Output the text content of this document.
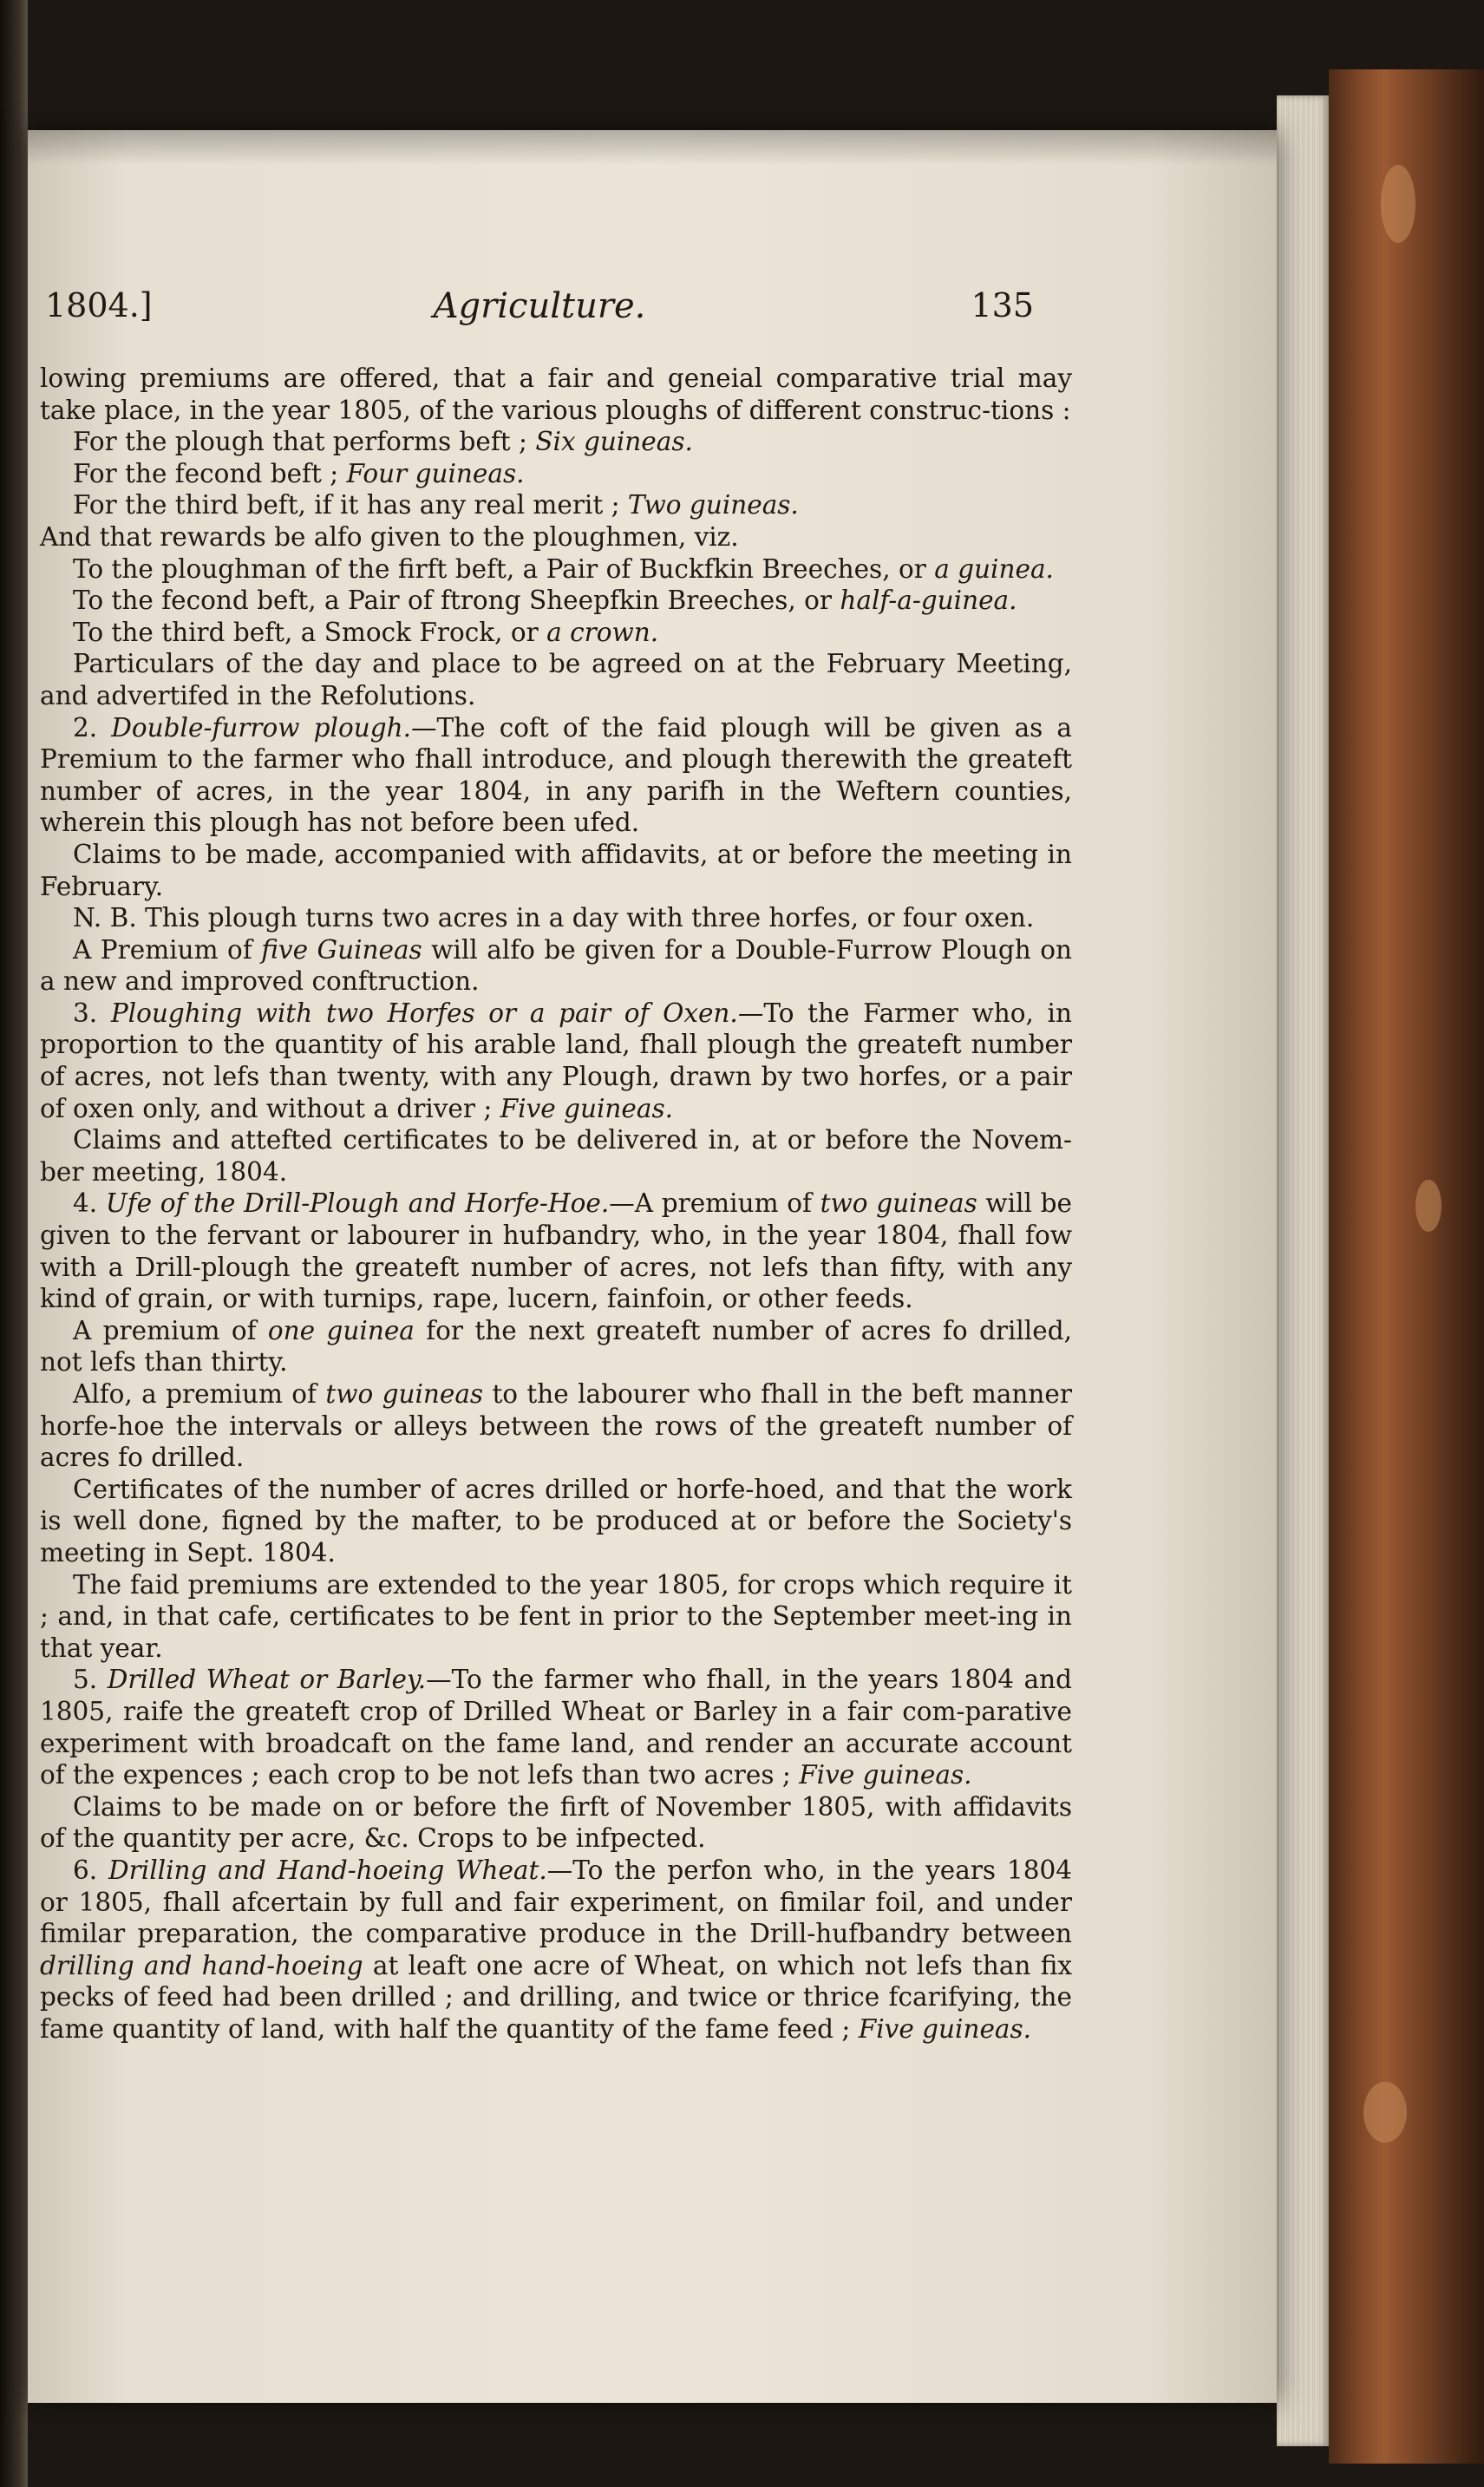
1804.]	Agriculture.	135

lowing premiums are offered, that a fair and geneial comparative trial may take place, in the year 1805, of the various ploughs of different construc-tions :

For the plough that performs beft ; Six guineas.

For the fecond beft ; Four guineas.

For the third beft, if it has any real merit ; Two guineas.

And that rewards be alfo given to the ploughmen, viz.

To the ploughman of the firft beft, a Pair of Buckfkin Breeches, or a guinea.

To the fecond beft, a Pair of ftrong Sheepfkin Breeches, or half-a-guinea.

To the third beft, a Smock Frock, or a crown.

Particulars of the day and place to be agreed on at the February Meeting, and advertifed in the Refolutions.

2. Double-furrow plough.—The coft of the faid plough will be given as a Premium to the farmer who fhall introduce, and plough therewith the greateft number of acres, in the year 1804, in any parifh in the Weftern counties, wherein this plough has not before been ufed.

Claims to be made, accompanied with affidavits, at or before the meeting in February.

N. B. This plough turns two acres in a day with three horfes, or four oxen.

A Premium of five Guineas will alfo be given for a Double-Furrow Plough on a new and improved conftruction.

3. Ploughing with two Horfes or a pair of Oxen.—To the Farmer who, in proportion to the quantity of his arable land, fhall plough the greateft number of acres, not lefs than twenty, with any Plough, drawn by two horfes, or a pair of oxen only, and without a driver ; Five guineas.

Claims and attefted certificates to be delivered in, at or before the Novem-ber meeting, 1804.

4. Ufe of the Drill-Plough and Horfe-Hoe.—A premium of two guineas will be given to the fervant or labourer in hufbandry, who, in the year 1804, fhall fow with a Drill-plough the greateft number of acres, not lefs than fifty, with any kind of grain, or with turnips, rape, lucern, fainfoin, or other feeds.

A premium of one guinea for the next greateft number of acres fo drilled, not lefs than thirty.

Alfo, a premium of two guineas to the labourer who fhall in the beft manner horfe-hoe the intervals or alleys between the rows of the greateft number of acres fo drilled.

Certificates of the number of acres drilled or horfe-hoed, and that the work is well done, figned by the mafter, to be produced at or before the Society's meeting in Sept. 1804.

The faid premiums are extended to the year 1805, for crops which require it ; and, in that cafe, certificates to be fent in prior to the September meet-ing in that year.

5. Drilled Wheat or Barley.—To the farmer who fhall, in the years 1804 and 1805, raife the greateft crop of Drilled Wheat or Barley in a fair com-parative experiment with broadcaft on the fame land, and render an accurate account of the expences ; each crop to be not lefs than two acres ; Five guineas.

Claims to be made on or before the firft of November 1805, with affidavits of the quantity per acre, &c. Crops to be infpected.

6. Drilling and Hand-hoeing Wheat.—To the perfon who, in the years 1804 or 1805, fhall afcertain by full and fair experiment, on fimilar foil, and under fimilar preparation, the comparative produce in the Drill-hufbandry between drilling and hand-hoeing at leaft one acre of Wheat, on which not lefs than fix pecks of feed had been drilled ; and drilling, and twice or thrice fcarifying, the fame quantity of land, with half the quantity of the fame feed ; Five guineas.
